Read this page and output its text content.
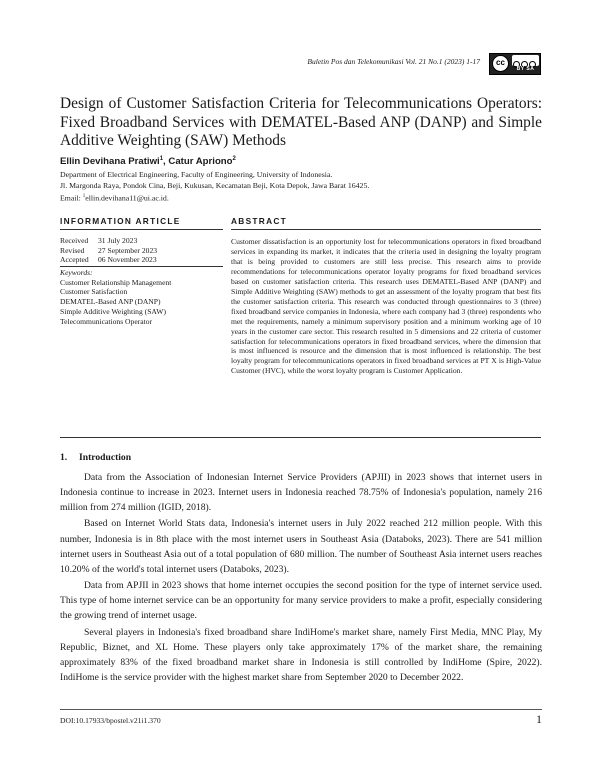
Buletin Pos dan Telekomunikasi Vol. 21 No.1 (2023) 1-17	cc
BY SA
Design of Customer Satisfaction Criteria for Telecommunications Operators: Fixed Broadband Services with DEMATEL-Based ANP (DANP) and Simple Additive Weighting (SAW) Methods
Ellin Devihana Pratiwi$^1$, Catur Apriono$^2$
Department of Electrical Engineering, Faculty of Engineering, University of Indonesia.
Jl. Margonda Raya, Pondok Cina, Beji, Kukusan, Kecamatan Beji, Kota Depok, Jawa Barat 16425.
Email: $^1$ellin.devihana11@ui.ac.id.
INFORMATION ARTICLE
Received 31 July 2023
Revised 27 September 2023
Accepted 06 November 2023
Keywords:
Customer Relationship Management
Customer Satisfaction
DEMATEL-Based ANP (DANP)
Simple Additive Weighting (SAW)
Telecommunications Operator
ABSTRACT
Customer dissatisfaction is an opportunity lost for telecommunications operators in fixed broadband services in expanding its market, it indicates that the criteria used in designing the loyalty program that is being provided to customers are still less precise. This research aims to provide recommendations for telecommunications operator loyalty programs for fixed broadband services based on customer satisfaction criteria. This research uses DEMATEL-Based ANP (DANP) and Simple Additive Weighting (SAW) methods to get an assessment of the loyalty program that best fits the customer satisfaction criteria. This research was conducted through questionnaires to 3 (three) fixed broadband service companies in Indonesia, where each company had 3 (three) respondents who met the requirements, namely a minimum supervisory position and a minimum working age of 10 years in the customer care sector. This research resulted in 5 dimensions and 22 criteria of customer satisfaction for telecommunications operators in fixed broadband services, where the dimension that is most influenced is resource and the dimension that is most influenced is relationship. The best loyalty program for telecommunications operators in fixed broadband services at PT X is High-Value Customer (HVC), while the worst loyalty program is Customer Application.
1. Introduction

Data from the Association of Indonesian Internet Service Providers (APJII) in 2023 shows that internet users in Indonesia continue to increase in 2023. Internet users in Indonesia reached 78.75% of Indonesia's population, namely 216 million from 274 million (IGID, 2018).

Based on Internet World Stats data, Indonesia's internet users in July 2022 reached 212 million people. With this number, Indonesia is in 8th place with the most internet users in Southeast Asia (Databoks, 2023). There are 541 million internet users in Southeast Asia out of a total population of 680 million. The number of Southeast Asia internet users reaches 10.20% of the world's total internet users (Databoks, 2023).

Data from APJII in 2023 shows that home internet occupies the second position for the type of internet service used. This type of home internet service can be an opportunity for many service providers to make a profit, especially considering the growing trend of internet usage.

Several players in Indonesia's fixed broadband share IndiHome's market share, namely First Media, MNC Play, My Republic, Biznet, and XL Home. These players only take approximately 17% of the market share, the remaining approximately 83% of the fixed broadband market share in Indonesia is still controlled by IndiHome (Spire, 2022). IndiHome is the service provider with the highest market share from September 2020 to December 2022.

DOI:10.17933/bpostel.v21i1.370	1
